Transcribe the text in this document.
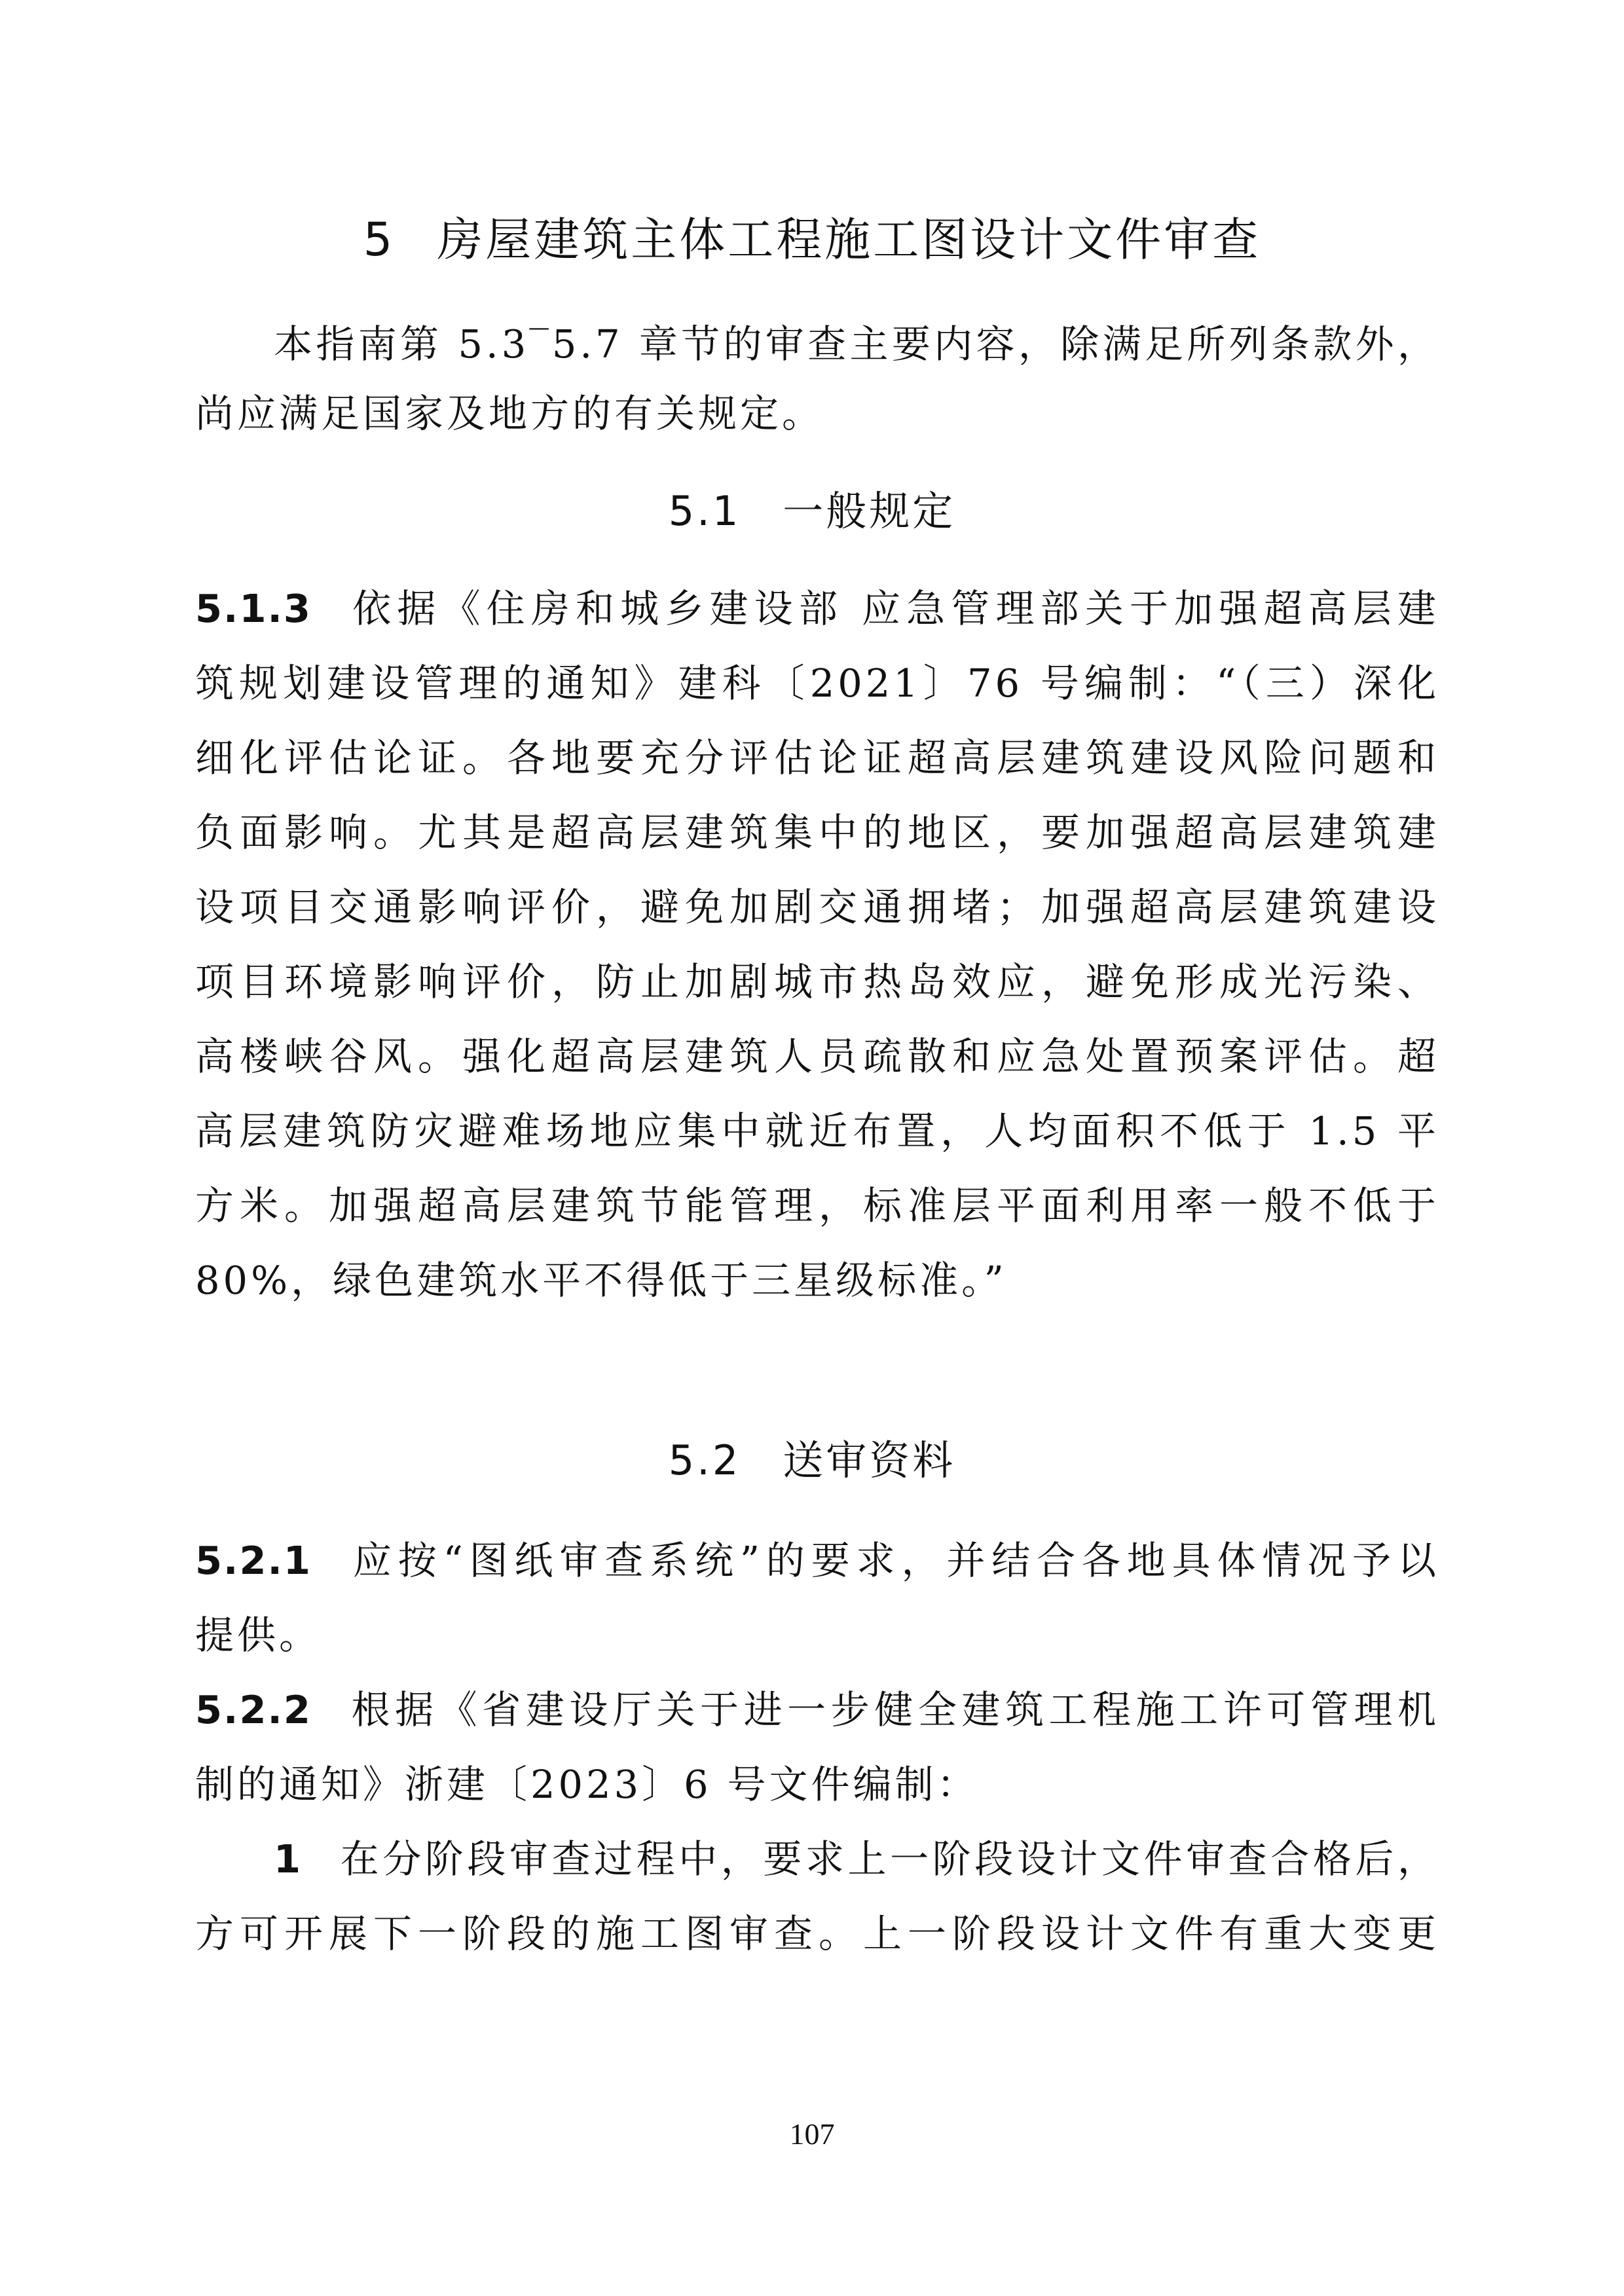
5 房屋建筑主体工程施工图设计文件审查
本指南第 5.3‾5.7 章节的审查主要内容，除满足所列条款外，
尚应满足国家及地方的有关规定。
5.1 一般规定
5.1.3 依据《住房和城乡建设部 应急管理部关于加强超高层建
筑规划建设管理的通知》建科〔2021〕76 号编制：“（三）深化
细化评估论证。各地要充分评估论证超高层建筑建设风险问题和
负面影响。尤其是超高层建筑集中的地区，要加强超高层建筑建
设项目交通影响评价，避免加剧交通拥堵；加强超高层建筑建设
项目环境影响评价，防止加剧城市热岛效应，避免形成光污染、
高楼峡谷风。强化超高层建筑人员疏散和应急处置预案评估。超
高层建筑防灾避难场地应集中就近布置，人均面积不低于 1.5 平
方米。加强超高层建筑节能管理，标准层平面利用率一般不低于
80%，绿色建筑水平不得低于三星级标准。”
5.2 送审资料
5.2.1 应按“图纸审查系统”的要求，并结合各地具体情况予以
提供。
5.2.2 根据《省建设厅关于进一步健全建筑工程施工许可管理机
制的通知》浙建〔2023〕6 号文件编制：
1 在分阶段审查过程中，要求上一阶段设计文件审查合格后，
方可开展下一阶段的施工图审查。上一阶段设计文件有重大变更
107
